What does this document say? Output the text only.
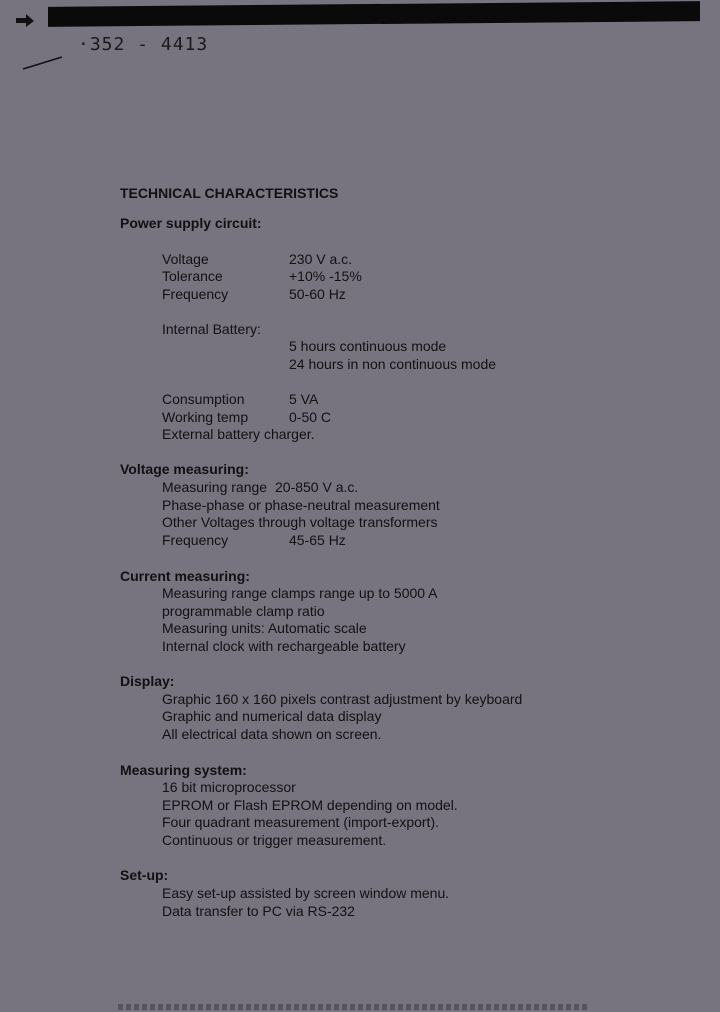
·352 - 4413
TECHNICAL CHARACTERISTICS
Power supply circuit:
Voltage	230 V a.c.
Tolerance	+10% -15%
Frequency	50-60 Hz
Internal Battery:
5 hours continuous mode
24 hours in non continuous mode
Consumption	5 VA
Working temp	0-50 C
External battery charger.
Voltage measuring:
Measuring range 20-850 V a.c.
Phase-phase or phase-neutral measurement
Other Voltages through voltage transformers
Frequency	45-65 Hz
Current measuring:
Measuring range clamps range up to 5000 A
programmable clamp ratio
Measuring units: Automatic scale
Internal clock with rechargeable battery
Display:
Graphic 160 x 160 pixels contrast adjustment by keyboard
Graphic and numerical data display
All electrical data shown on screen.
Measuring system:
16 bit microprocessor
EPROM or Flash EPROM depending on model.
Four quadrant measurement (import-export).
Continuous or trigger measurement.
Set-up:
Easy set-up assisted by screen window menu.
Data transfer to PC via RS-232
